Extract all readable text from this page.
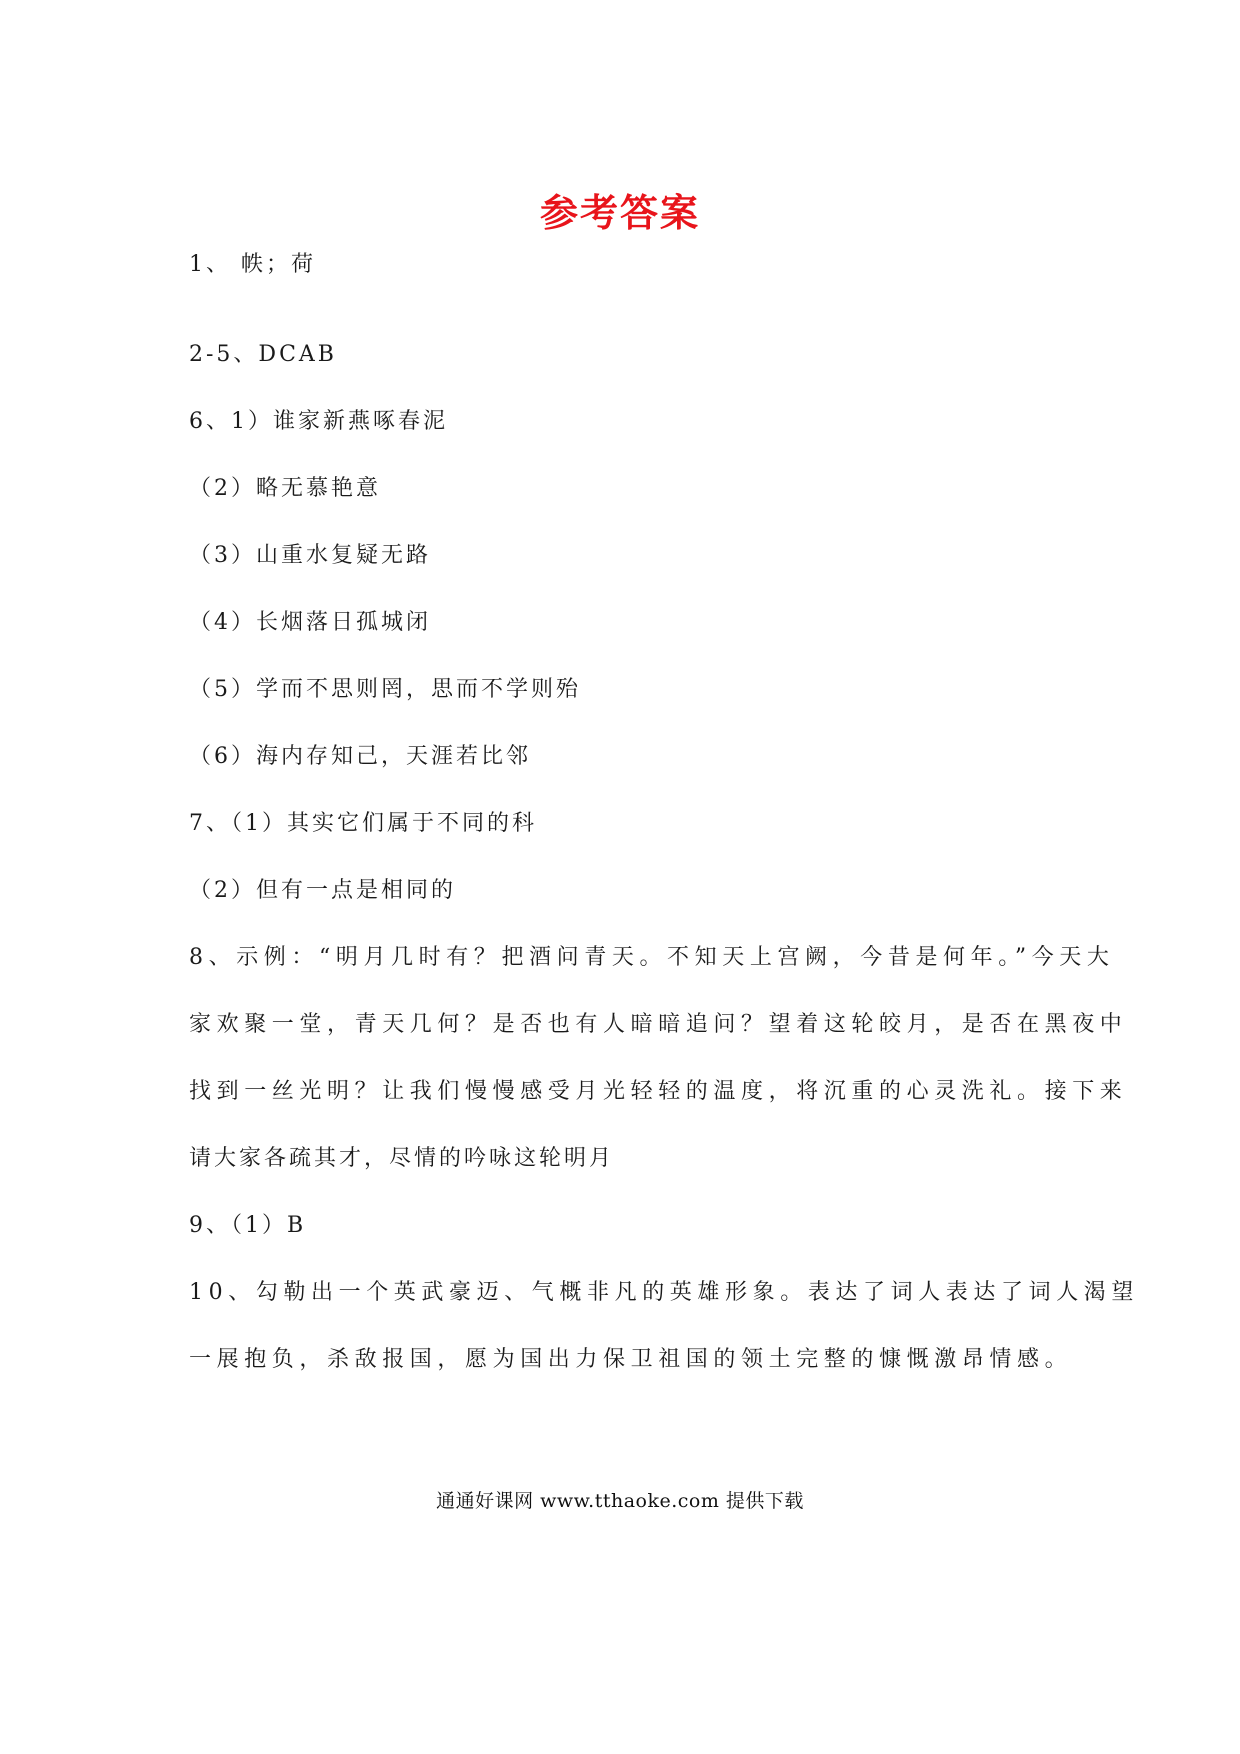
参考答案
1、 帙；荷
2-5、DCAB
6、1）谁家新燕啄春泥
（2）略无慕艳意
（3）山重水复疑无路
（4）长烟落日孤城闭
（5）学而不思则罔，思而不学则殆
（6）海内存知己，天涯若比邻
7、（1）其实它们属于不同的科
（2）但有一点是相同的
8、示例：“明月几时有？把酒问青天。不知天上宫阙，今昔是何年。”今天大
家欢聚一堂，青天几何？是否也有人暗暗追问？望着这轮皎月，是否在黑夜中
找到一丝光明？让我们慢慢感受月光轻轻的温度，将沉重的心灵洗礼。接下来
请大家各疏其才，尽情的吟咏这轮明月
9、（1）B
10、勾勒出一个英武豪迈、气概非凡的英雄形象。表达了词人表达了词人渴望
一展抱负，杀敌报国，愿为国出力保卫祖国的领土完整的慷慨激昂情感。
通通好课网 www.tthaoke.com 提供下载
